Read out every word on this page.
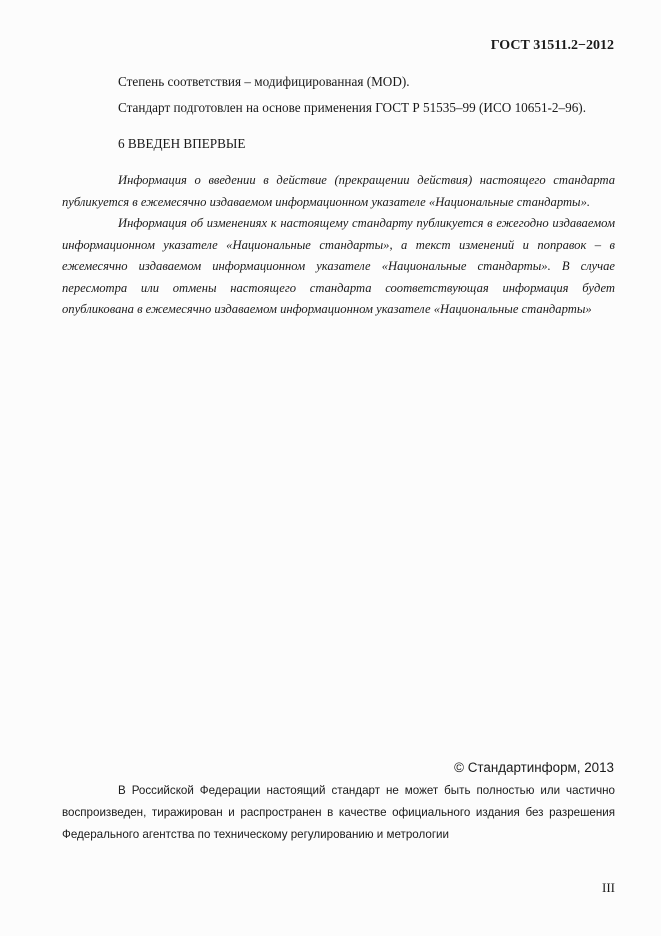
ГОСТ 31511.2−2012
Степень соответствия – модифицированная (MOD).
Стандарт подготовлен на основе применения ГОСТ Р 51535–99 (ИСО 10651-2–96).
6 ВВЕДЕН ВПЕРВЫЕ
Информация о введении в действие (прекращении действия) настоящего стандарта
публикуется в ежемесячно издаваемом информационном указателе «Национальные стандарты».
Информация об изменениях к настоящему стандарту публикуется в ежегодно издаваемом
информационном указателе «Национальные стандарты», а текст изменений и поправок – в
ежемесячно издаваемом информационном указателе «Национальные стандарты». В случае
пересмотра или отмены настоящего стандарта соответствующая информация будет
опубликована в ежемесячно издаваемом информационном указателе «Национальные стандарты»
© Стандартинформ, 2013
В Российской Федерации настоящий стандарт не может быть полностью или частично
воспроизведен, тиражирован и распространен в качестве официального издания без разрешения
Федерального агентства по техническому регулированию и метрологии
III
